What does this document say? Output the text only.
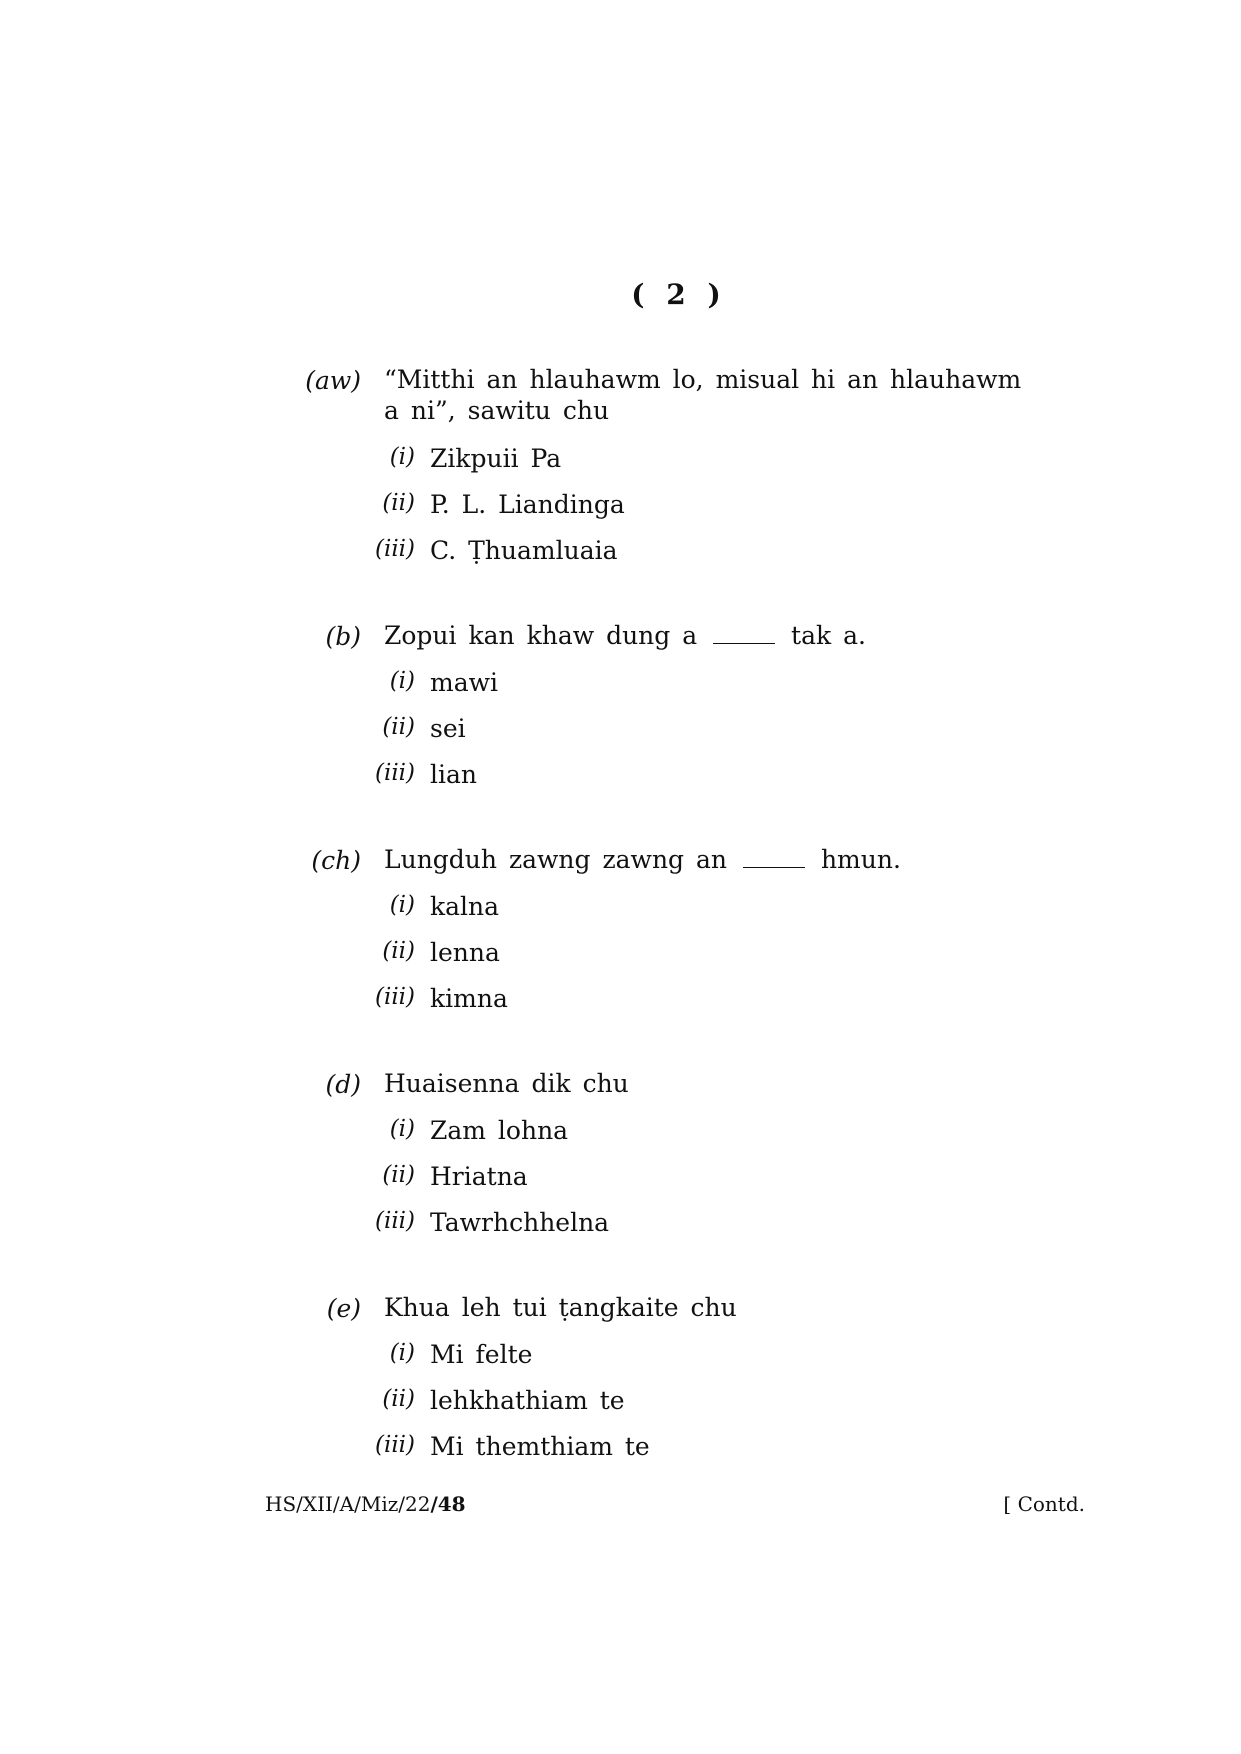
( 2 )
(aw) “Mitthi an hlauhawm lo, misual hi an hlauhawm a ni”, sawitu chu
(i) Zikpuii Pa
(ii) P. L. Liandinga
(iii) C. Ṭhuamluaia
(b) Zopui kan khaw dung a	tak a.
(i) mawi
(ii) sei
(iii) lian
(ch) Lungduh zawng zawng an	hmun.
(i) kalna
(ii) lenna
(iii) kimna
(d) Huaisenna dik chu
(i) Zam lohna
(ii) Hriatna
(iii) Tawrhchhelna
(e) Khua leh tui ṭangkaite chu
(i) Mi felte
(ii) lehkhathiam te
(iii) Mi themthiam te
HS/XII/A/Miz/22/48	[ Contd.
